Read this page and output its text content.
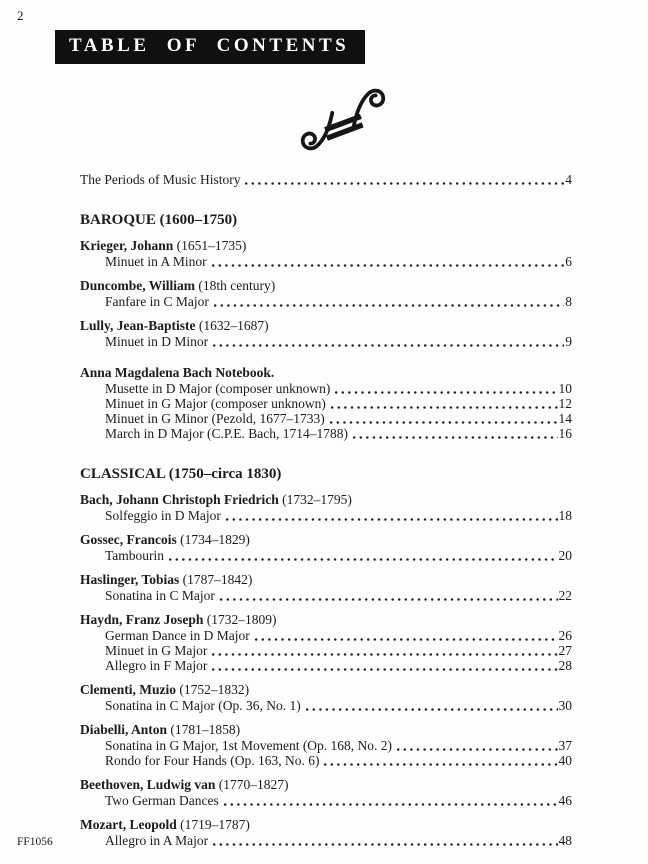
2
TABLE OF CONTENTS
The Periods of Music History	4
BAROQUE (1600–1750)
Krieger, Johann (1651–1735)
Minuet in A Minor	6
Duncombe, William (18th century)
Fanfare in C Major	8
Lully, Jean-Baptiste (1632–1687)
Minuet in D Minor	9
Anna Magdalena Bach Notebook.
Musette in D Major (composer unknown)	10
Minuet in G Major (composer unknown)	12
Minuet in G Minor (Pezold, 1677–1733)	14
March in D Major (C.P.E. Bach, 1714–1788)	16
CLASSICAL (1750–circa 1830)
Bach, Johann Christoph Friedrich (1732–1795)
Solfeggio in D Major	18
Gossec, Francois (1734–1829)
Tambourin	20
Haslinger, Tobias (1787–1842)
Sonatina in C Major	22
Haydn, Franz Joseph (1732–1809)
German Dance in D Major	26
Minuet in G Major	27
Allegro in F Major	28
Clementi, Muzio (1752–1832)
Sonatina in C Major (Op. 36, No. 1)	30
Diabelli, Anton (1781–1858)
Sonatina in G Major, 1st Movement (Op. 168, No. 2)	37
Rondo for Four Hands (Op. 163, No. 6)	40
Beethoven, Ludwig van (1770–1827)
Two German Dances	46
Mozart, Leopold (1719–1787)
Allegro in A Major	48
FF1056
